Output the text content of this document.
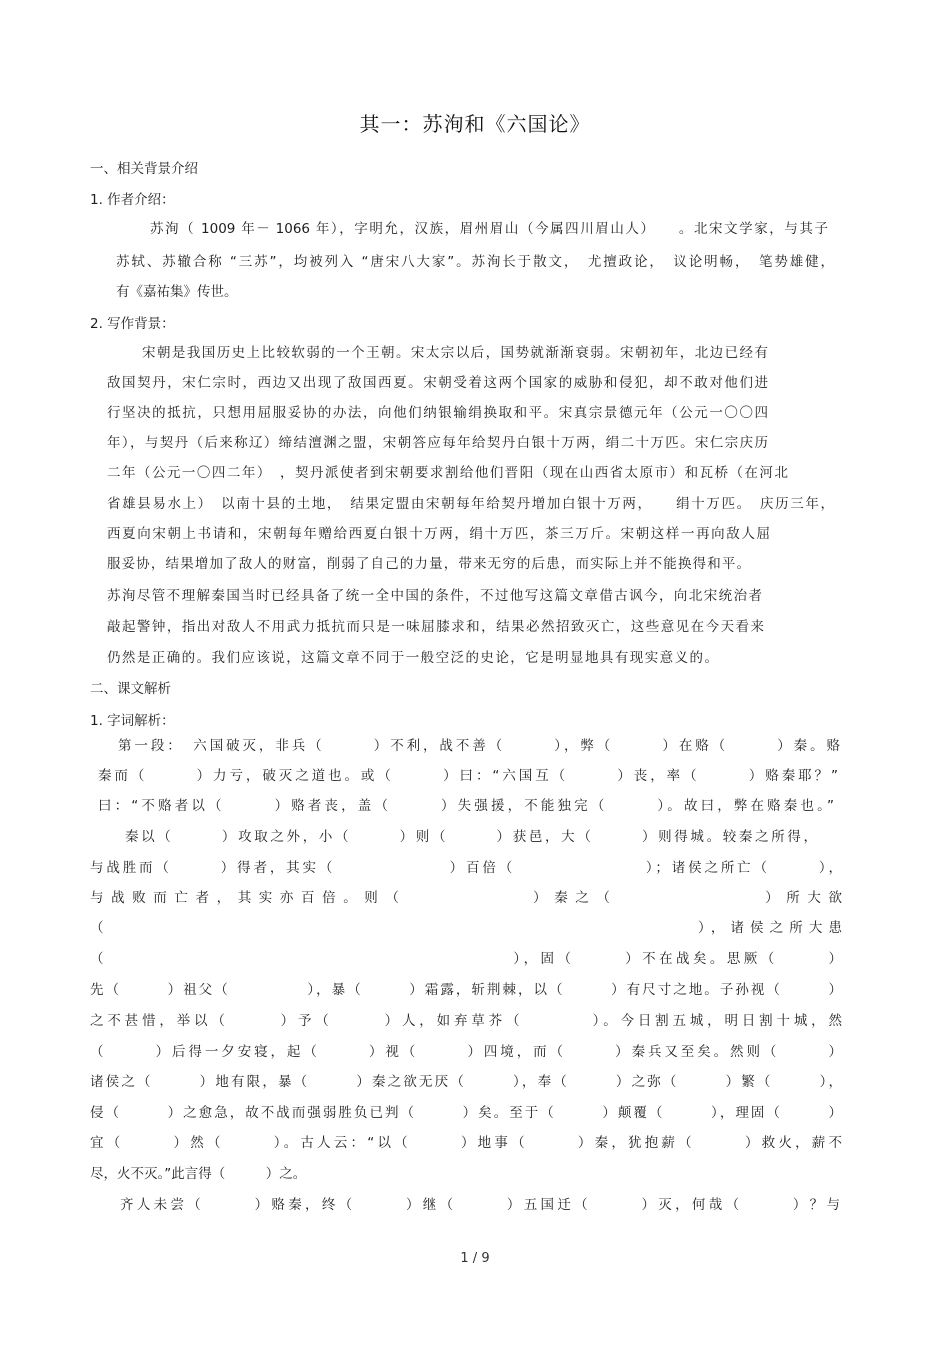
其一：苏洵和《六国论》
一、相关背景介绍
1. 作者介绍：
苏洵（ 1009 年－ 1066 年），字明允，汉族，眉州眉山（今属四川眉山人）　　。北宋文学家，与其子
苏轼、苏辙合称 “三苏”，均被列入 “唐宋八大家”。苏洵长于散文，　尤擅政论，　议论明畅，　笔势雄健，
有《嘉祐集》传世。
2. 写作背景：
宋朝是我国历史上比较软弱的一个王朝。宋太宗以后，国势就渐渐衰弱。宋朝初年，北边已经有
敌国契丹，宋仁宗时，西边又出现了敌国西夏。宋朝受着这两个国家的威胁和侵犯，却不敢对他们进
行坚决的抵抗，只想用屈服妥协的办法，向他们纳银输绢换取和平。宋真宗景德元年（公元一〇〇四
年），与契丹（后来称辽）缔结澶渊之盟，宋朝答应每年给契丹白银十万两，绢二十万匹。宋仁宗庆历
二年（公元一〇四二年）　，契丹派使者到宋朝要求割给他们晋阳（现在山西省太原市）和瓦桥（在河北
省雄县易水上）　以南十县的土地，　结果定盟由宋朝每年给契丹增加白银十万两，　　绢十万匹。　庆历三年，
西夏向宋朝上书请和，宋朝每年赠给西夏白银十万两，绢十万匹，茶三万斤。宋朝这样一再向敌人屈
服妥协，结果增加了敌人的财富，削弱了自己的力量，带来无穷的后患，而实际上并不能换得和平。
苏洵尽管不理解秦国当时已经具备了统一全中国的条件，不过他写这篇文章借古讽今，向北宋统治者
敲起警钟，指出对敌人不用武力抵抗而只是一味屈膝求和，结果必然招致灭亡，这些意见在今天看来
仍然是正确的。我们应该说，这篇文章不同于一般空泛的史论，它是明显地具有现实意义的。
二、课文解析
1. 字词解析：
第一段：　六国破灭，非兵（　　　）不利，战不善（　　　），弊（　　　）在赂（　　　）秦。赂
秦而（　　　）力亏，破灭之道也。或（　　　）曰：“六国互（　　　）丧，率（　　　）赂秦耶？”
曰：“不赂者以（　　　）赂者丧，盖（　　　）失强援，不能独完（　　　）。故曰，弊在赂秦也。”
秦以（　　　）攻取之外，小（　　　）则（　　　）获邑，大（　　　）则得城。较秦之所得，
与战胜而（　　　）得者，其实（　　　　　　　）百倍（　　　　　　　　）；诸侯之所亡（　　　），
与战败而亡者，其实亦百倍。则（　　　　　　）秦之（　　　　　　　）所大欲
（　　　　　　　　　　　　　　　　　　　　　　　　　　　　　　），诸侯之所大患
（　　　　　　　　　　　　　　　　　　　　　　　　），固（　　　）不在战矣。思厥（　　　）
先（　　　）祖父（　　　　　），暴（　　　）霜露，斩荆棘，以（　　　）有尺寸之地。子孙视（　　　）
之不甚惜，举以（　　　）予（　　　）人，如弃草芥（　　　　）。今日割五城，明日割十城，然
（　　　）后得一夕安寝，起（　　　）视（　　　）四境，而（　　　）秦兵又至矣。然则（　　　）
诸侯之（　　　）地有限，暴（　　　）秦之欲无厌（　　　），奉（　　　）之弥（　　　）繁（　　　），
侵（　　　）之愈急，故不战而强弱胜负已判（　　　）矣。至于（　　　）颠覆（　　　），理固（　　　）
宜（　　　）然（　　　）。古人云：“以（　　　）地事（　　　）秦，犹抱薪（　　　）救火，薪不
尽，火不灭。”此言得（　　　）之。
齐人未尝（　　　）赂秦，终（　　　）继（　　　）五国迁（　　　）灭，何哉（　　　）？与
1 / 9
